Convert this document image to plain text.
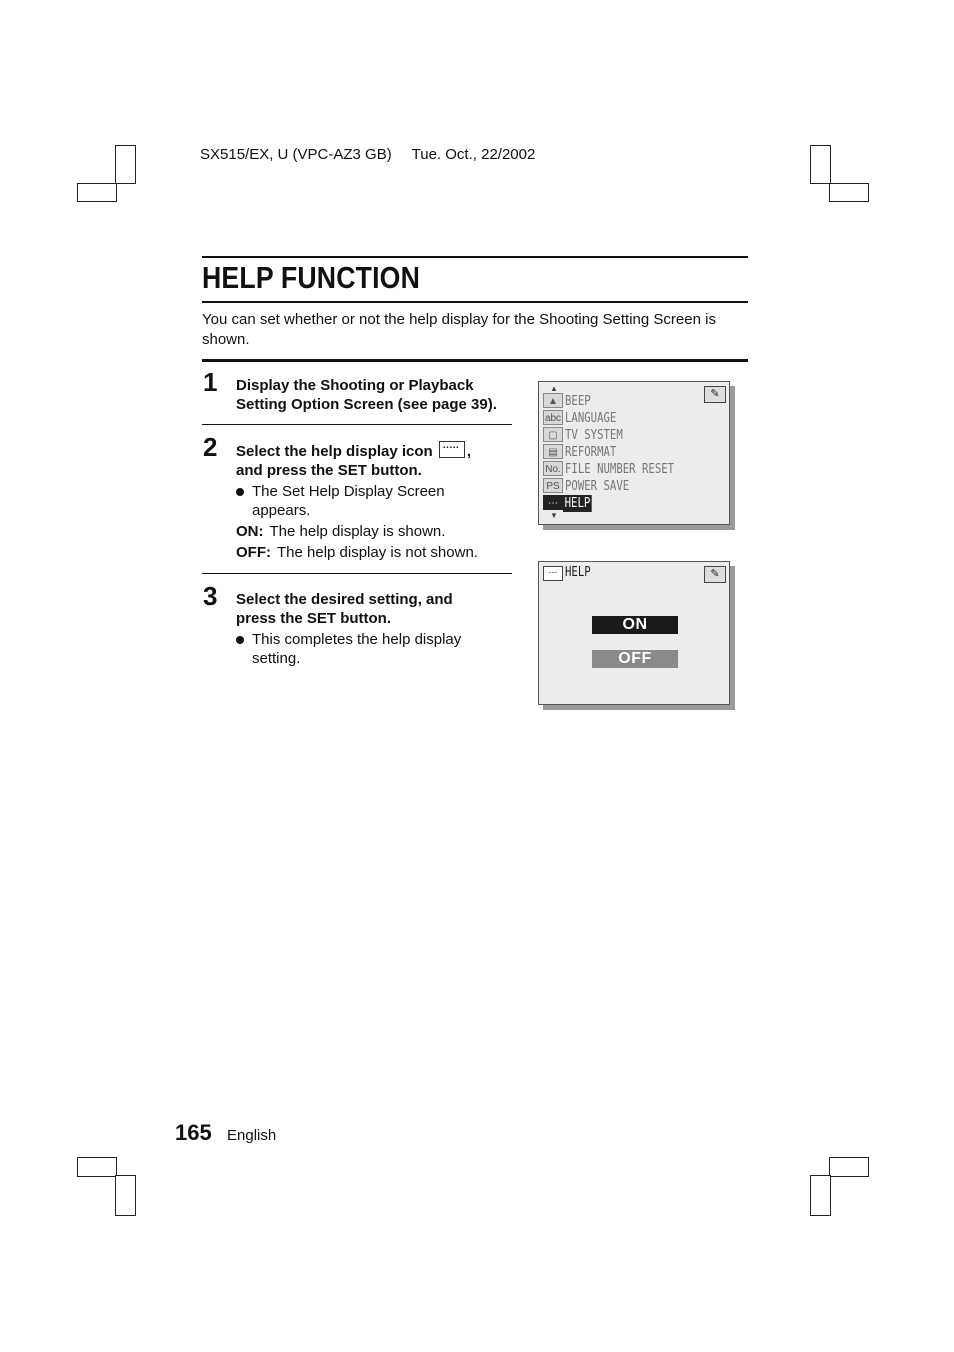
SX515/EX, U (VPC-AZ3 GB) Tue. Oct., 22/2002
HELP FUNCTION
You can set whether or not the help display for the Shooting Setting Screen is shown.
1 Display the Shooting or Playback Setting Option Screen (see page 39).
2 Select the help display icon ..... ,
and press the SET button.
The Set Help Display Screen appears.
ON: The help display is shown.
OFF: The help display is not shown.
3 Select the desired setting, and press the SET button.
This completes the help display setting.
✎
▲
▼
▲ BEEP
abc LANGUAGE
▢ TV SYSTEM
▤ REFORMAT
No. FILE NUMBER RESET
PS POWER SAVE
⋯ HELP
⋯ HELP	✎
ON
OFF
165 English
